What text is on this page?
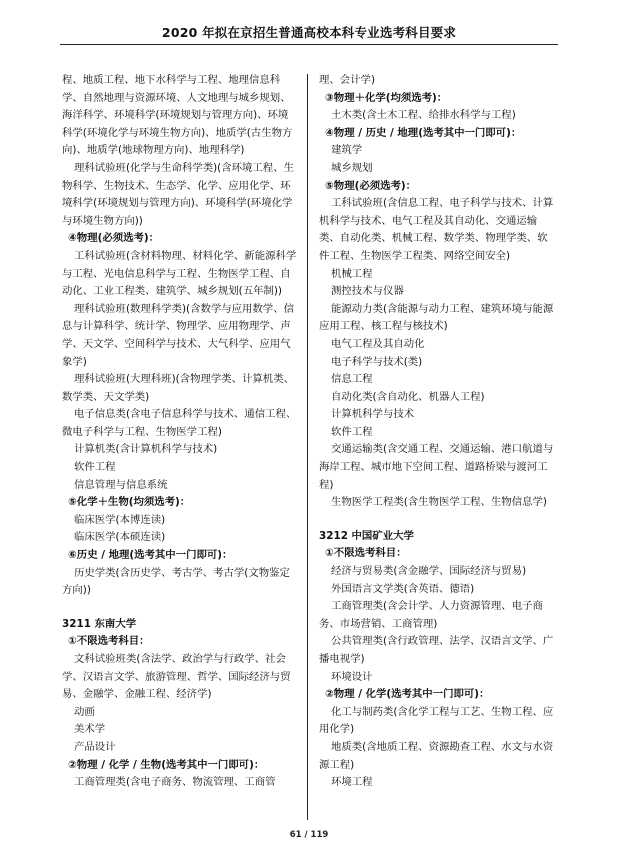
2020 年拟在京招生普通高校本科专业选考科目要求

程、地质工程、地下水科学与工程、地理信息科学、自然地理与资源环境、人文地理与城乡规划、海洋科学、环境科学(环境规划与管理方向)、环境科学(环境化学与环境生物方向)、地质学(古生物方向)、地质学(地球物理方向)、地理科学)

理科试验班(化学与生命科学类)(含环境工程、生物科学、生物技术、生态学、化学、应用化学、环境科学(环境规划与管理方向)、环境科学(环境化学与环境生物方向))

④物理(必须选考)：

工科试验班(含材料物理、材料化学、新能源科学与工程、光电信息科学与工程、生物医学工程、自动化、工业工程类、建筑学、城乡规划(五年制))

理科试验班(数理科学类)(含数学与应用数学、信息与计算科学、统计学、物理学、应用物理学、声学、天文学、空间科学与技术、大气科学、应用气象学)

理科试验班(大理科班)(含物理学类、计算机类、数学类、天文学类)

电子信息类(含电子信息科学与技术、通信工程、微电子科学与工程、生物医学工程)

计算机类(含计算机科学与技术)

软件工程

信息管理与信息系统

⑤化学＋生物(均须选考)：

临床医学(本博连读)

临床医学(本硕连读)

⑥历史 / 地理(选考其中一门即可)：

历史学类(含历史学、考古学、考古学(文物鉴定方向))

3211 东南大学

①不限选考科目：

文科试验班类(含法学、政治学与行政学、社会学、汉语言文学、旅游管理、哲学、国际经济与贸易、金融学、金融工程、经济学)

动画

美术学

产品设计

②物理 / 化学 / 生物(选考其中一门即可)：

工商管理类(含电子商务、物流管理、工商管

理、会计学)

③物理＋化学(均须选考)：

土木类(含土木工程、给排水科学与工程)

④物理 / 历史 / 地理(选考其中一门即可)：

建筑学

城乡规划

⑤物理(必须选考)：

工科试验班(含信息工程、电子科学与技术、计算机科学与技术、电气工程及其自动化、交通运输类、自动化类、机械工程、数学类、物理学类、软件工程、生物医学工程类、网络空间安全)

机械工程

测控技术与仪器

能源动力类(含能源与动力工程、建筑环境与能源应用工程、核工程与核技术)

电气工程及其自动化

电子科学与技术(类)

信息工程

自动化类(含自动化、机器人工程)

计算机科学与技术

软件工程

交通运输类(含交通工程、交通运输、港口航道与海岸工程、城市地下空间工程、道路桥梁与渡河工程)

生物医学工程类(含生物医学工程、生物信息学)

3212 中国矿业大学

①不限选考科目：

经济与贸易类(含金融学、国际经济与贸易)

外国语言文学类(含英语、德语)

工商管理类(含会计学、人力资源管理、电子商务、市场营销、工商管理)

公共管理类(含行政管理、法学、汉语言文学、广播电视学)

环境设计

②物理 / 化学(选考其中一门即可)：

化工与制药类(含化学工程与工艺、生物工程、应用化学)

地质类(含地质工程、资源勘查工程、水文与水资源工程)

环境工程

61 / 119
